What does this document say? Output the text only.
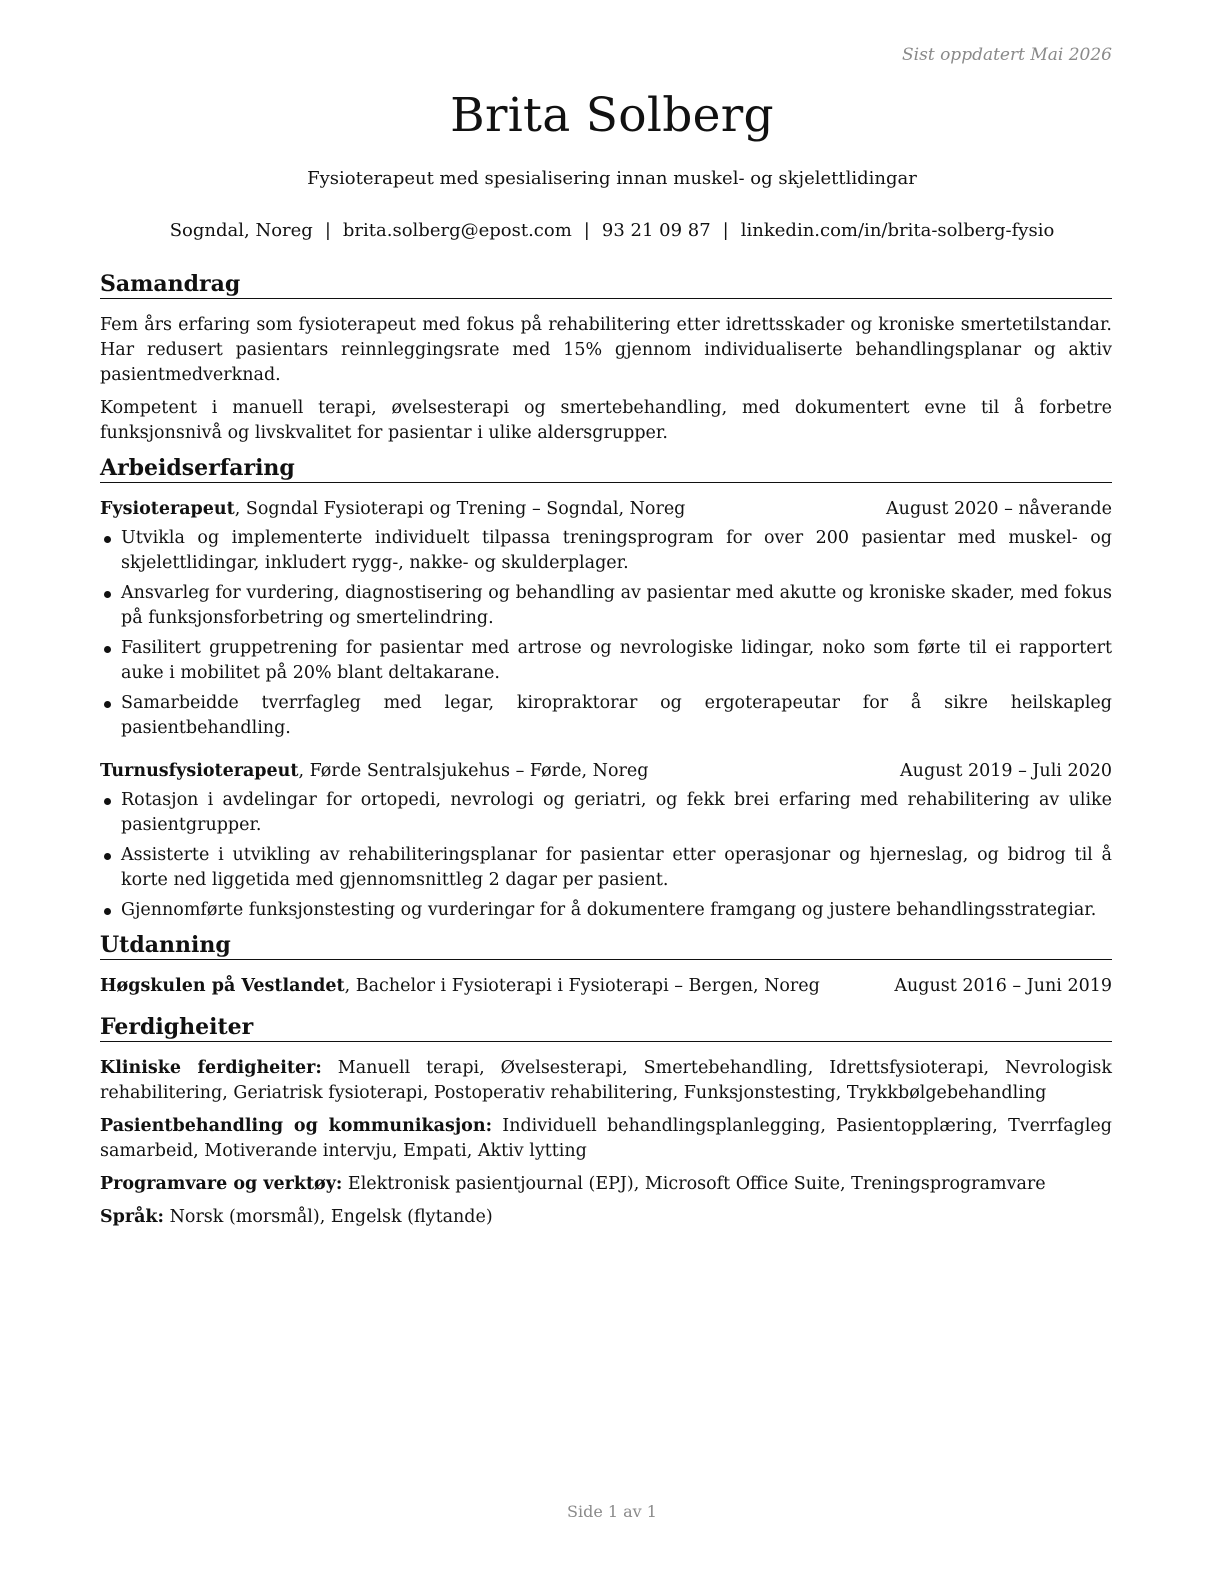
Sist oppdatert Mai 2026
Brita Solberg
Fysioterapeut med spesialisering innan muskel- og skjelettlidingar
Sogndal, Noreg | brita.solberg@epost.com | 93 21 09 87 | linkedin.com/in/brita-solberg-fysio
Samandrag

Fem års erfaring som fysioterapeut med fokus på rehabilitering etter idrettsskader og kroniske smertetilstandar. Har redusert pasientars reinnleggingsrate med 15% gjennom individualiserte behandlingsplanar og aktiv pasientmedverknad.

Kompetent i manuell terapi, øvelsesterapi og smertebehandling, med dokumentert evne til å forbetre funksjonsnivå og livskvalitet for pasientar i ulike aldersgrupper.

Arbeidserfaring
Fysioterapeut, Sogndal Fysioterapi og Trening – Sogndal, Noreg	August 2020 – nåverande
Utvikla og implementerte individuelt tilpassa treningsprogram for over 200 pasientar med muskel- og skjelettlidingar, inkludert rygg-, nakke- og skulderplager.
Ansvarleg for vurdering, diagnostisering og behandling av pasientar med akutte og kroniske skader, med fokus på funksjonsforbetring og smertelindring.
Fasilitert gruppetrening for pasientar med artrose og nevrologiske lidingar, noko som førte til ei rapportert auke i mobilitet på 20% blant deltakarane.
Samarbeidde tverrfagleg med legar, kiropraktorar og ergoterapeutar for å sikre heilskapleg pasientbehandling.
Turnusfysioterapeut, Førde Sentralsjukehus – Førde, Noreg	August 2019 – Juli 2020
Rotasjon i avdelingar for ortopedi, nevrologi og geriatri, og fekk brei erfaring med rehabilitering av ulike pasientgrupper.
Assisterte i utvikling av rehabiliteringsplanar for pasientar etter operasjonar og hjerneslag, og bidrog til å korte ned liggetida med gjennomsnittleg 2 dagar per pasient.
Gjennomførte funksjonstesting og vurderingar for å dokumentere framgang og justere behandlingsstrategiar.
Utdanning
Høgskulen på Vestlandet, Bachelor i Fysioterapi i Fysioterapi – Bergen, Noreg	August 2016 – Juni 2019
Ferdigheiter

Kliniske ferdigheiter: Manuell terapi, Øvelsesterapi, Smertebehandling, Idrettsfysioterapi, Nevrologisk rehabilitering, Geriatrisk fysioterapi, Postoperativ rehabilitering, Funksjonstesting, Trykkbølgebehandling

Pasientbehandling og kommunikasjon: Individuell behandlingsplanlegging, Pasientopplæring, Tverrfagleg samarbeid, Motiverande intervju, Empati, Aktiv lytting

Programvare og verktøy: Elektronisk pasientjournal (EPJ), Microsoft Office Suite, Treningsprogramvare

Språk: Norsk (morsmål), Engelsk (flytande)

Side 1 av 1
